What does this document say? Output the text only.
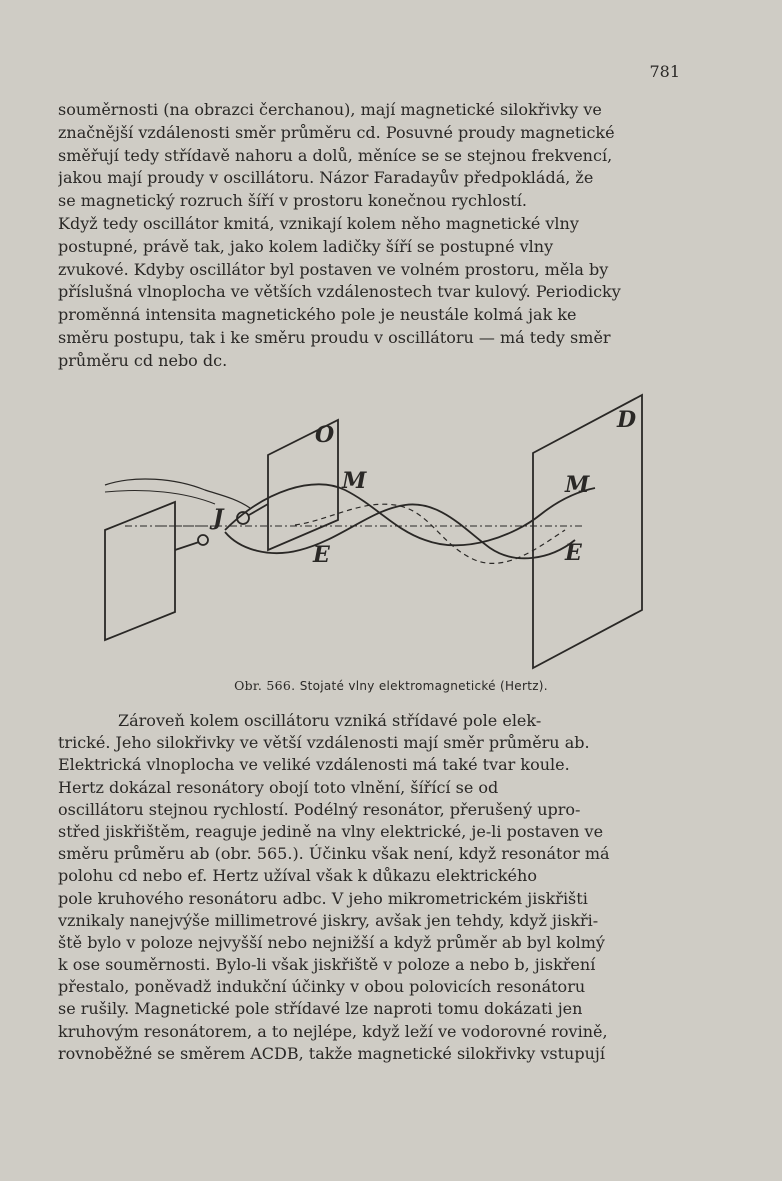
781
souměrnosti (na obrazci čerchanou), mají magnetické silokřivky ve
značnější vzdálenosti směr průměru cd. Posuvné proudy magnetické
směřují tedy střídavě nahoru a dolů, měníce se se stejnou frekvencí,
jakou mají proudy v oscillátoru. Názor Faradayův předpokládá, že
se magnetický rozruch šíří v prostoru konečnou rychlostí.
Když tedy oscillátor kmitá, vznikají kolem něho magnetické vlny
postupné, právě tak, jako kolem ladičky šíří se postupné vlny
zvukové. Kdyby oscillátor byl postaven ve volném prostoru, měla by
příslušná vlnoplocha ve větších vzdálenostech tvar kulový. Periodicky
proměnná intensita magnetického pole je neustále kolmá jak ke
směru postupu, tak i ke směru proudu v oscillátoru — má tedy směr
průměru cd nebo dc.
O
D
M	M
E	E
J
Obr. 566. Stojaté vlny elektromagnetické (Hertz).
Zároveň kolem oscillátoru vzniká střídavé pole elek-
trické. Jeho silokřivky ve větší vzdálenosti mají směr průměru ab.
Elektrická vlnoplocha ve veliké vzdálenosti má také tvar koule.
Hertz dokázal resonátory obojí toto vlnění, šířící se od
oscillátoru stejnou rychlostí. Podélný resonátor, přerušený upro-
střed jiskřištěm, reaguje jedině na vlny elektrické, je-li postaven ve
směru průměru ab (obr. 565.). Účinku však není, když resonátor má
polohu cd nebo ef. Hertz užíval však k důkazu elektrického
pole kruhového resonátoru adbc. V jeho mikrometrickém jiskřišti
vznikaly nanejvýše millimetrové jiskry, avšak jen tehdy, když jiskři-
ště bylo v poloze nejvyšší nebo nejnižší a když průměr ab byl kolmý
k ose souměrnosti. Bylo-li však jiskřiště v poloze a nebo b, jiskření
přestalo, poněvadž indukční účinky v obou polovicích resonátoru
se rušily. Magnetické pole střídavé lze naproti tomu dokázati jen
kruhovým resonátorem, a to nejlépe, když leží ve vodorovné rovině,
rovnoběžné se směrem ACDB, takže magnetické silokřivky vstupují
